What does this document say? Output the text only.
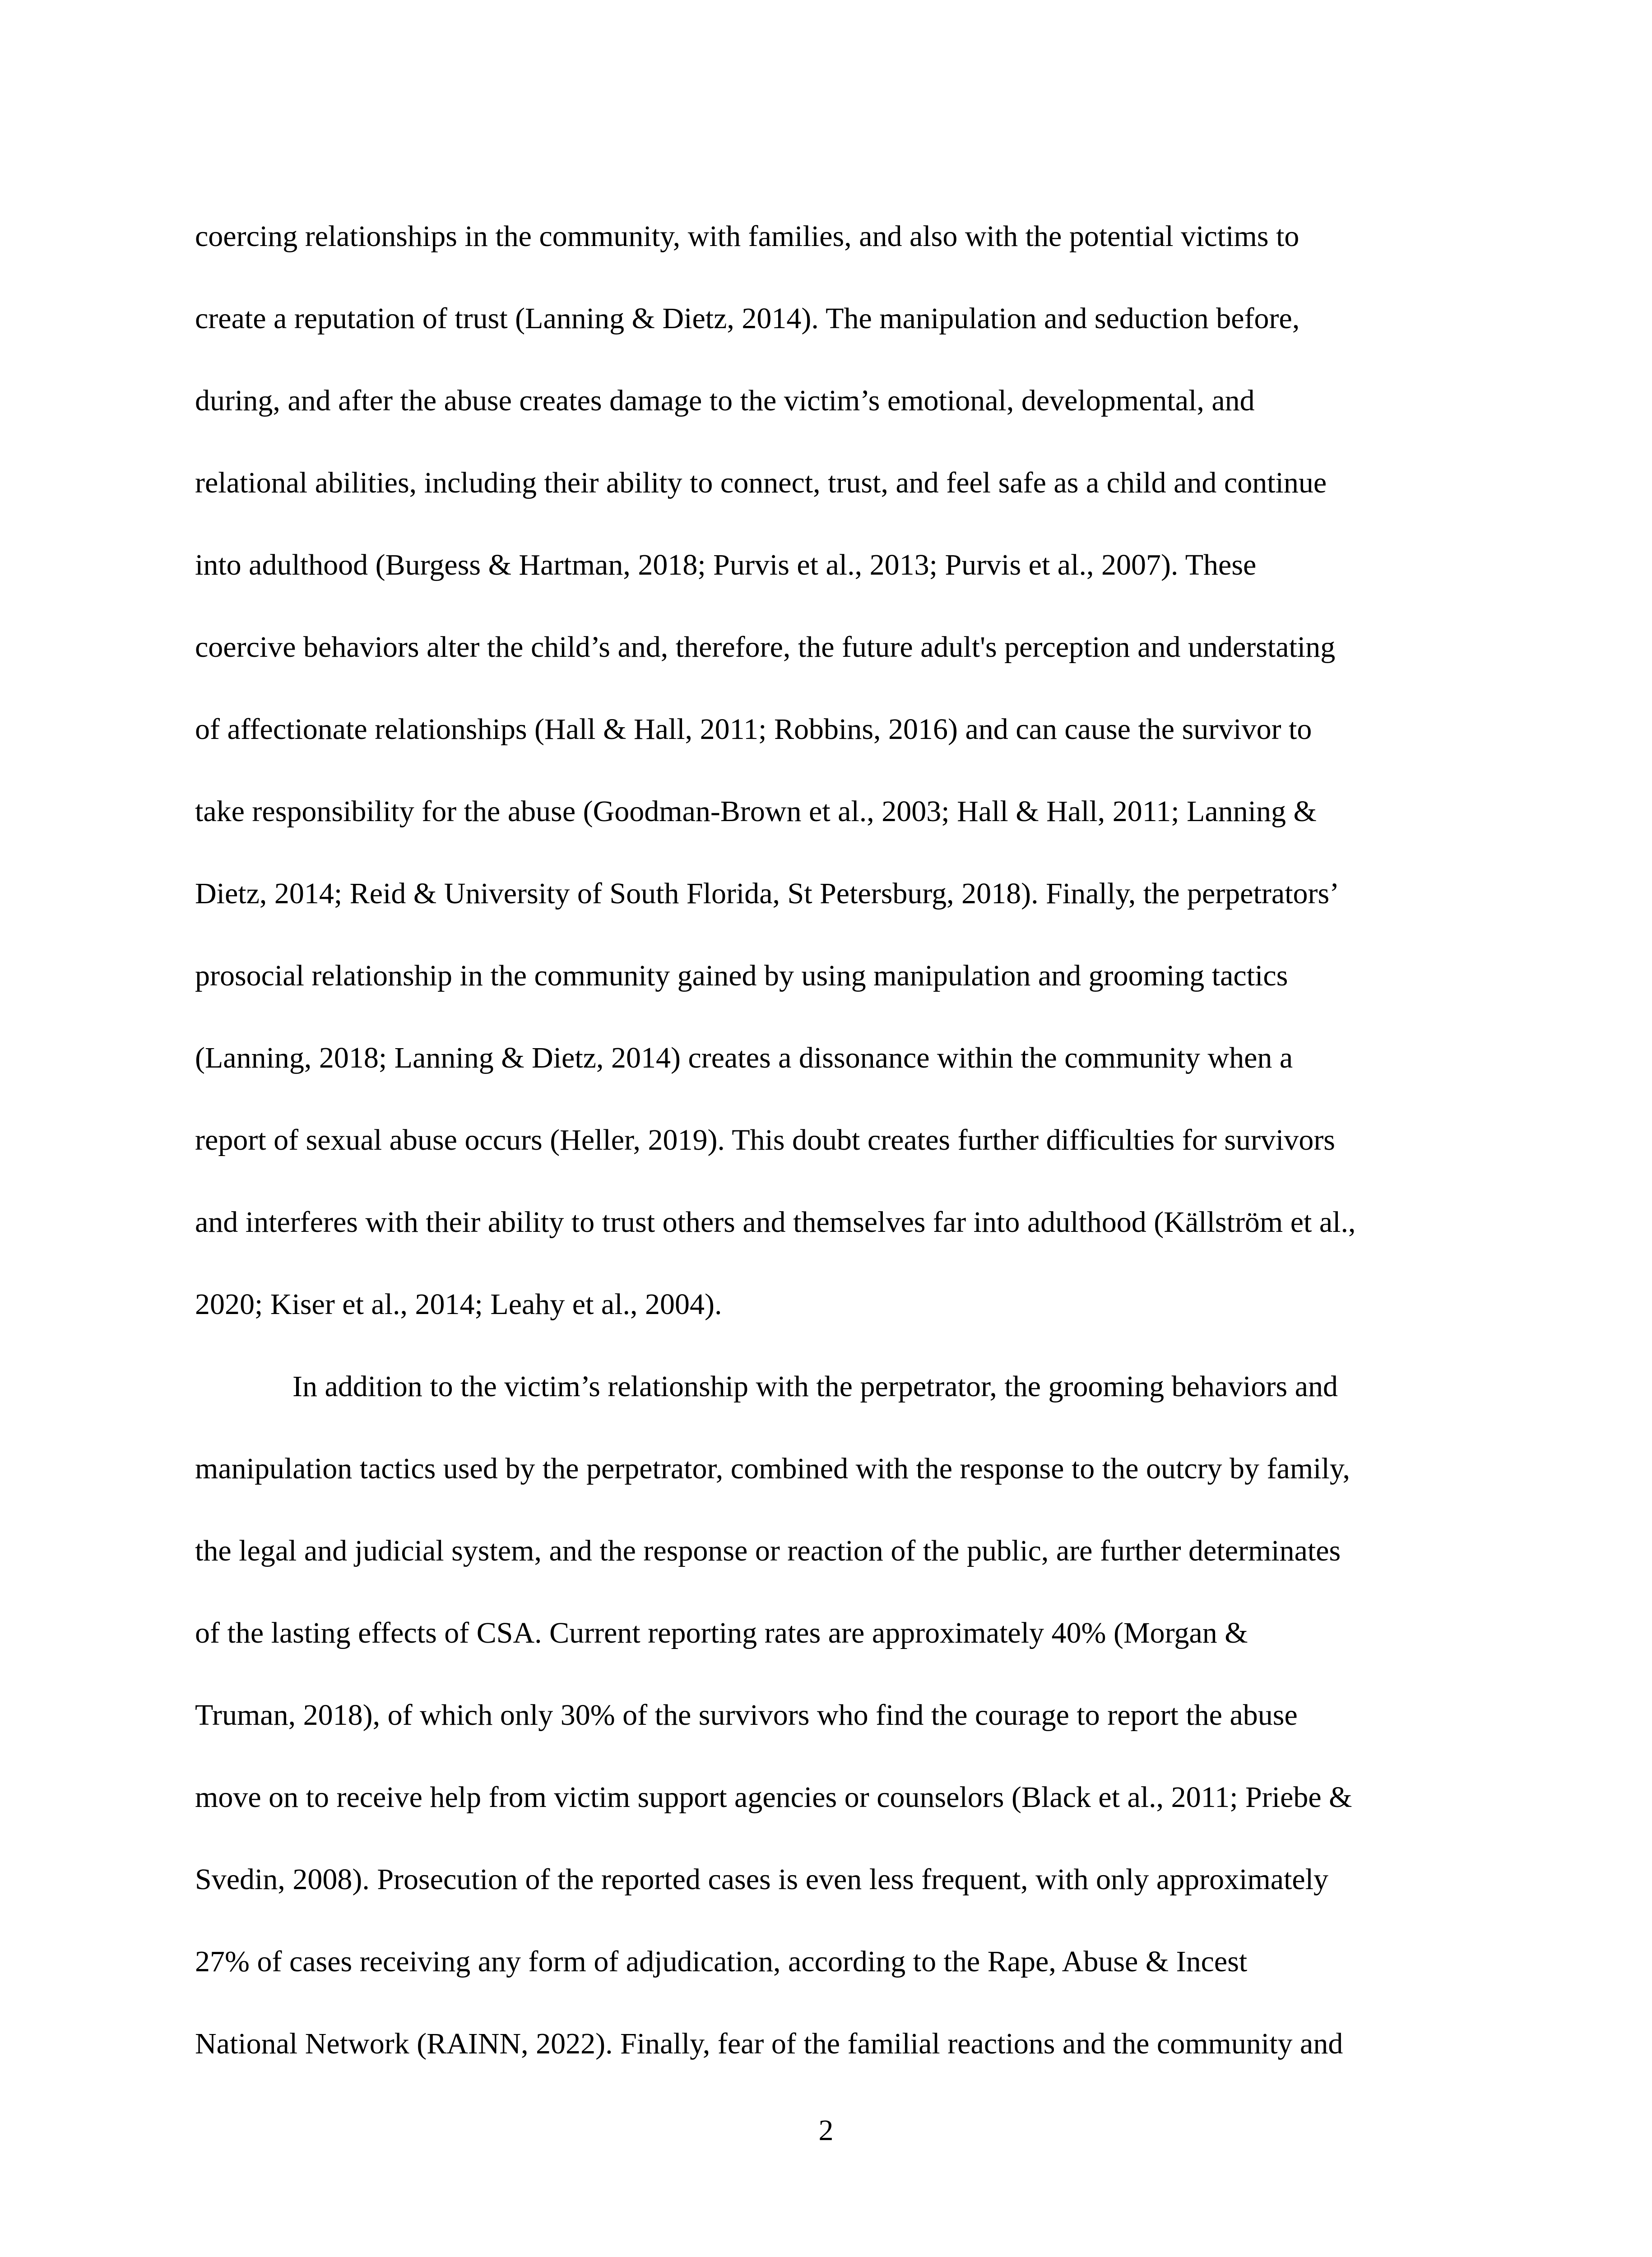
coercing relationships in the community, with families, and also with the potential victims to
create a reputation of trust (Lanning & Dietz, 2014). The manipulation and seduction before,
during, and after the abuse creates damage to the victim’s emotional, developmental, and
relational abilities, including their ability to connect, trust, and feel safe as a child and continue
into adulthood (Burgess & Hartman, 2018; Purvis et al., 2013; Purvis et al., 2007). These
coercive behaviors alter the child’s and, therefore, the future adult's perception and understating
of affectionate relationships (Hall & Hall, 2011; Robbins, 2016) and can cause the survivor to
take responsibility for the abuse (Goodman-Brown et al., 2003; Hall & Hall, 2011; Lanning &
Dietz, 2014; Reid & University of South Florida, St Petersburg, 2018). Finally, the perpetrators’
prosocial relationship in the community gained by using manipulation and grooming tactics
(Lanning, 2018; Lanning & Dietz, 2014) creates a dissonance within the community when a
report of sexual abuse occurs (Heller, 2019). This doubt creates further difficulties for survivors
and interferes with their ability to trust others and themselves far into adulthood (Källström et al.,
2020; Kiser et al., 2014; Leahy et al., 2004).
In addition to the victim’s relationship with the perpetrator, the grooming behaviors and
manipulation tactics used by the perpetrator, combined with the response to the outcry by family,
the legal and judicial system, and the response or reaction of the public, are further determinates
of the lasting effects of CSA. Current reporting rates are approximately 40% (Morgan &
Truman, 2018), of which only 30% of the survivors who find the courage to report the abuse
move on to receive help from victim support agencies or counselors (Black et al., 2011; Priebe &
Svedin, 2008). Prosecution of the reported cases is even less frequent, with only approximately
27% of cases receiving any form of adjudication, according to the Rape, Abuse & Incest
National Network (RAINN, 2022). Finally, fear of the familial reactions and the community and
2
